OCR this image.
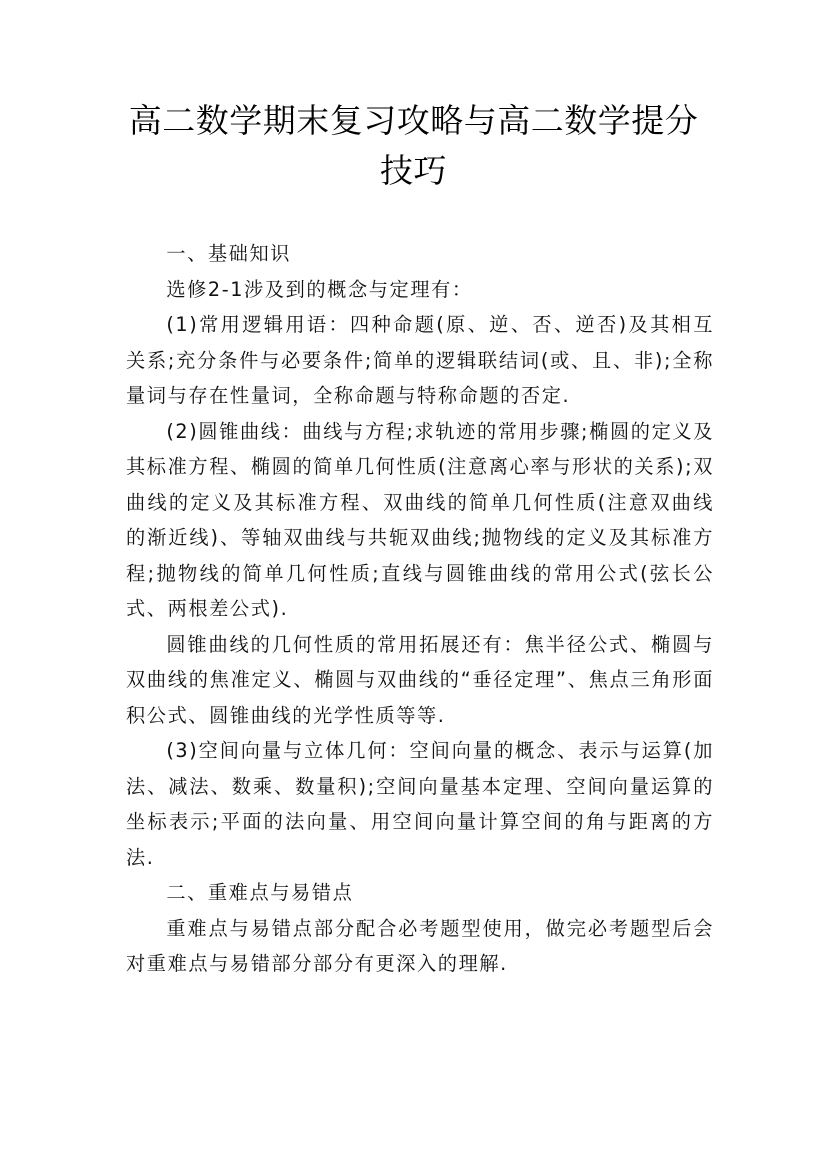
高二数学期末复习攻略与高二数学提分技巧

一、基础知识

选修2-1涉及到的概念与定理有：

(1)常用逻辑用语：四种命题(原、逆、否、逆否)及其相互关系;充分条件与必要条件;简单的逻辑联结词(或、且、非);全称量词与存在性量词，全称命题与特称命题的否定.

(2)圆锥曲线：曲线与方程;求轨迹的常用步骤;椭圆的定义及其标准方程、椭圆的简单几何性质(注意离心率与形状的关系);双曲线的定义及其标准方程、双曲线的简单几何性质(注意双曲线的渐近线)、等轴双曲线与共轭双曲线;抛物线的定义及其标准方程;抛物线的简单几何性质;直线与圆锥曲线的常用公式(弦长公式、两根差公式).

圆锥曲线的几何性质的常用拓展还有：焦半径公式、椭圆与双曲线的焦准定义、椭圆与双曲线的“垂径定理”、焦点三角形面积公式、圆锥曲线的光学性质等等.

(3)空间向量与立体几何：空间向量的概念、表示与运算(加法、减法、数乘、数量积);空间向量基本定理、空间向量运算的坐标表示;平面的法向量、用空间向量计算空间的角与距离的方法.

二、重难点与易错点

重难点与易错点部分配合必考题型使用，做完必考题型后会对重难点与易错部分部分有更深入的理解.
